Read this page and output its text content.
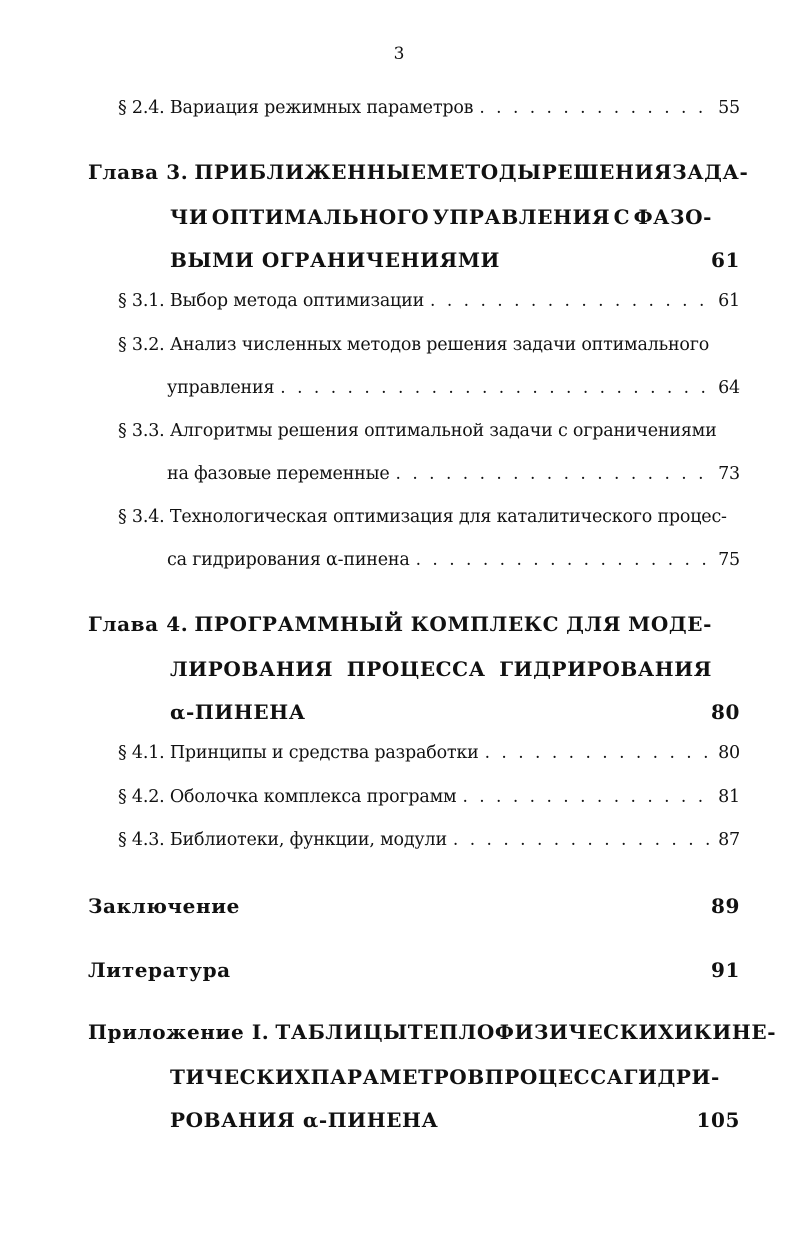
3
§ 2.4. Вариация режимных параметров . . .	55
Глава 3. ПРИБЛИЖЕННЫЕ МЕТОДЫ РЕШЕНИЯ ЗАДА-
ЧИ ОПТИМАЛЬНОГО УПРАВЛЕНИЯ С ФАЗО-
ВЫМИ ОГРАНИЧЕНИЯМИ	61
§ 3.1. Выбор метода оптимизации . . .	61
§ 3.2. Анализ численных методов решения задачи оптимального
управления . . .	64
§ 3.3. Алгоритмы решения оптимальной задачи с ограничениями
на фазовые переменные . . .	73
§ 3.4. Технологическая оптимизация для каталитического процес-
са гидрирования α-пинена . . .	75
Глава 4. ПРОГРАММНЫЙ КОМПЛЕКС ДЛЯ МОДЕ-
ЛИРОВАНИЯ ПРОЦЕССА ГИДРИРОВАНИЯ
α-ПИНЕНА	80
§ 4.1. Принципы и средства разработки . . .	80
§ 4.2. Оболочка комплекса программ . . .	81
§ 4.3. Библиотеки, функции, модули . . .	87
Заключение	89
Литература	91
Приложение I. ТАБЛИЦЫ ТЕПЛОФИЗИЧЕСКИХ И КИНЕ-
ТИЧЕСКИХ ПАРАМЕТРОВ ПРОЦЕССА ГИДРИ-
РОВАНИЯ α-ПИНЕНА	105
